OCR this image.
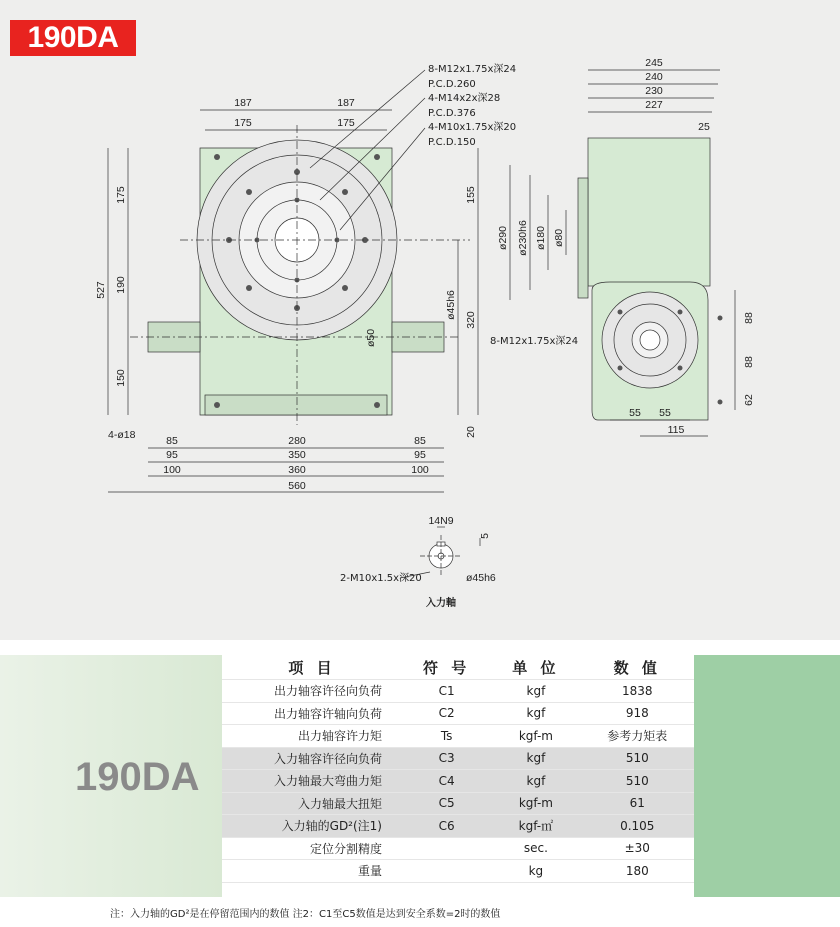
190DA
187	187
175	175
8-M12x1.75x深24
P.C.D.260
4-M14x2x深28
P.C.D.376
4-M10x1.75x深20
P.C.D.150
175
527 190
150
155
320
20
ø45h6
ø50
4-ø18	85	280	85
95	350	95
100	360	100
560
245
240
230
227
25
ø290 ø230h6 ø180 ø80
8-M12x1.75x深24
88
88
62
55 55
115
14N9
5
2-M10x1.5x深20	ø45h6
入力軸
190DA
项 目	符 号	单 位	数 值
出力轴容许径向负荷	C1	kgf	1838
出力轴容许轴向负荷	C2	kgf	918
出力轴容许力矩	Ts	kgf-m	参考力矩表
入力轴容许径向负荷	C3	kgf	510
入力轴最大弯曲力矩	C4	kgf	510
入力轴最大扭矩	C5	kgf-m	61
入力轴的GD²(注1)	C6	kgf-㎡	0.105
定位分割精度		sec.	±30
重量		kg	180
注：入力轴的GD²是在停留范围内的数值 注2：C1至C5数值是达到安全系数=2时的数值
